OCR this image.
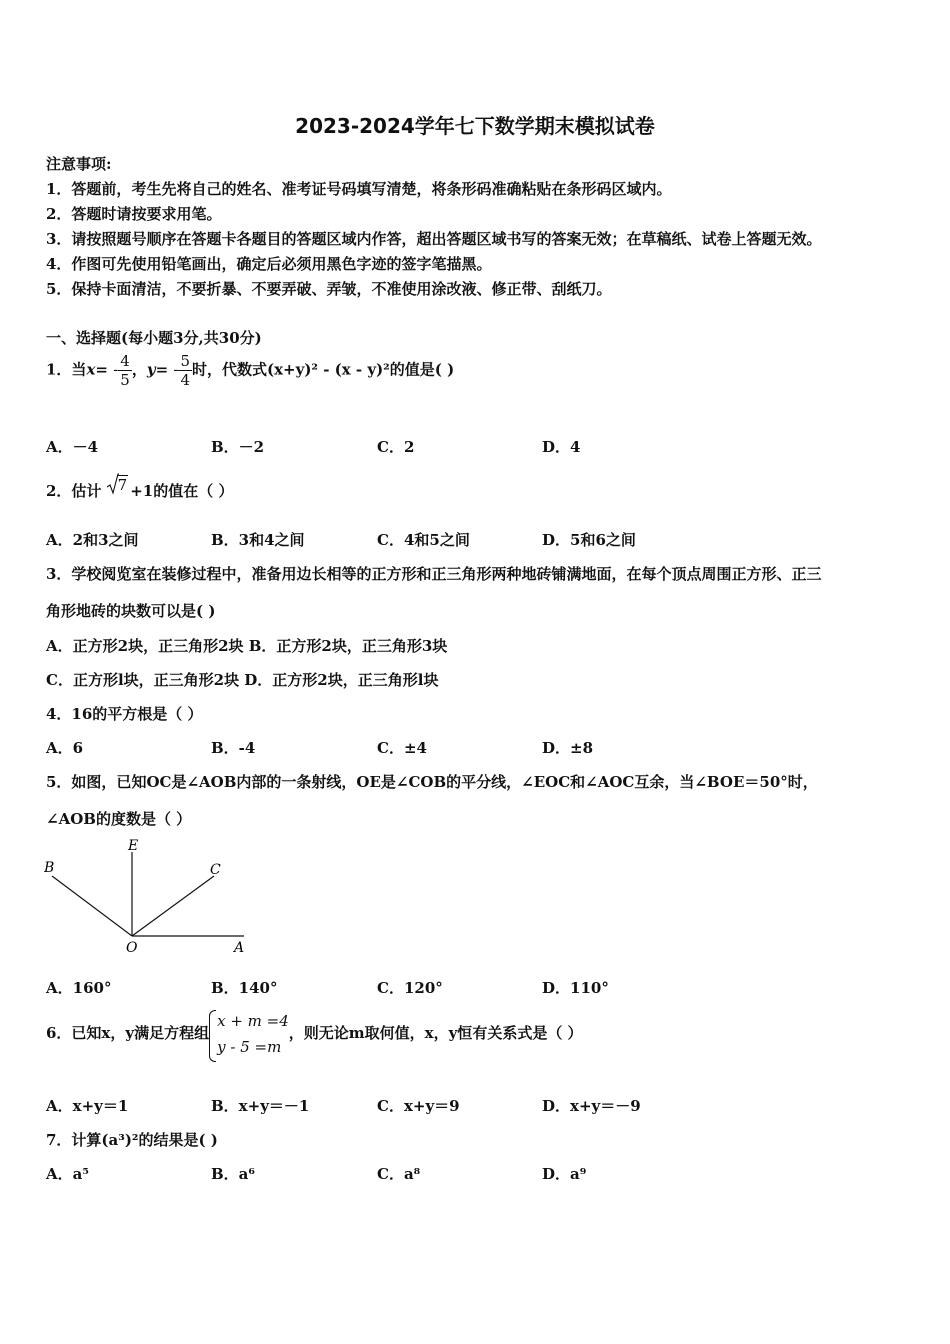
2023-2024学年七下数学期末模拟试卷
注意事项:
1．答题前，考生先将自己的姓名、准考证号码填写清楚，将条形码准确粘贴在条形码区域内。
2．答题时请按要求用笔。
3．请按照题号顺序在答题卡各题目的答题区域内作答，超出答题区域书写的答案无效；在草稿纸、试卷上答题无效。
4．作图可先使用铅笔画出，确定后必须用黑色字迹的签字笔描黑。
5．保持卡面清洁，不要折暴、不要弄破、弄皱，不准使用涂改液、修正带、刮纸刀。
一、选择题(每小题3分,共30分)
1．当$x= - \frac{4}{5}$ ，$y= - \frac{5}{4}$ 时，代数式(x+y)² - (x - y)²的值是( )
A．－4	B．－2	C．2	D．4
2．估计 7 +1的值在（ ）
A．2和3之间	B．3和4之间	C．4和5之间	D．5和6之间
3．学校阅览室在装修过程中，准备用边长相等的正方形和正三角形两种地砖铺满地面，在每个顶点周围正方形、正三
角形地砖的块数可以是( )
A．正方形2块，正三角形2块 B．正方形2块，正三角形3块
C．正方形l块，正三角形2块 D．正方形2块，正三角形l块
4．16的平方根是（ ）
A．6	B．-4	C．±4	D．±8
5．如图，已知OC是∠AOB内部的一条射线，OE是∠COB的平分线，∠EOC和∠AOC互余，当∠BOE＝50°时，
∠AOB的度数是（ ）
B
E
C
O	A
A．160°	B．140°	C．120°	D．110°
6．已知x，y满足方程组
x + m =4
y - 5 =m
，则无论m取何值，x，y恒有关系式是（ ）
A．x+y＝1	B．x+y＝－1	C．x+y＝9	D．x+y＝－9
7．计算(a³)²的结果是( )
A．a⁵	B．a⁶	C．a⁸	D．a⁹
